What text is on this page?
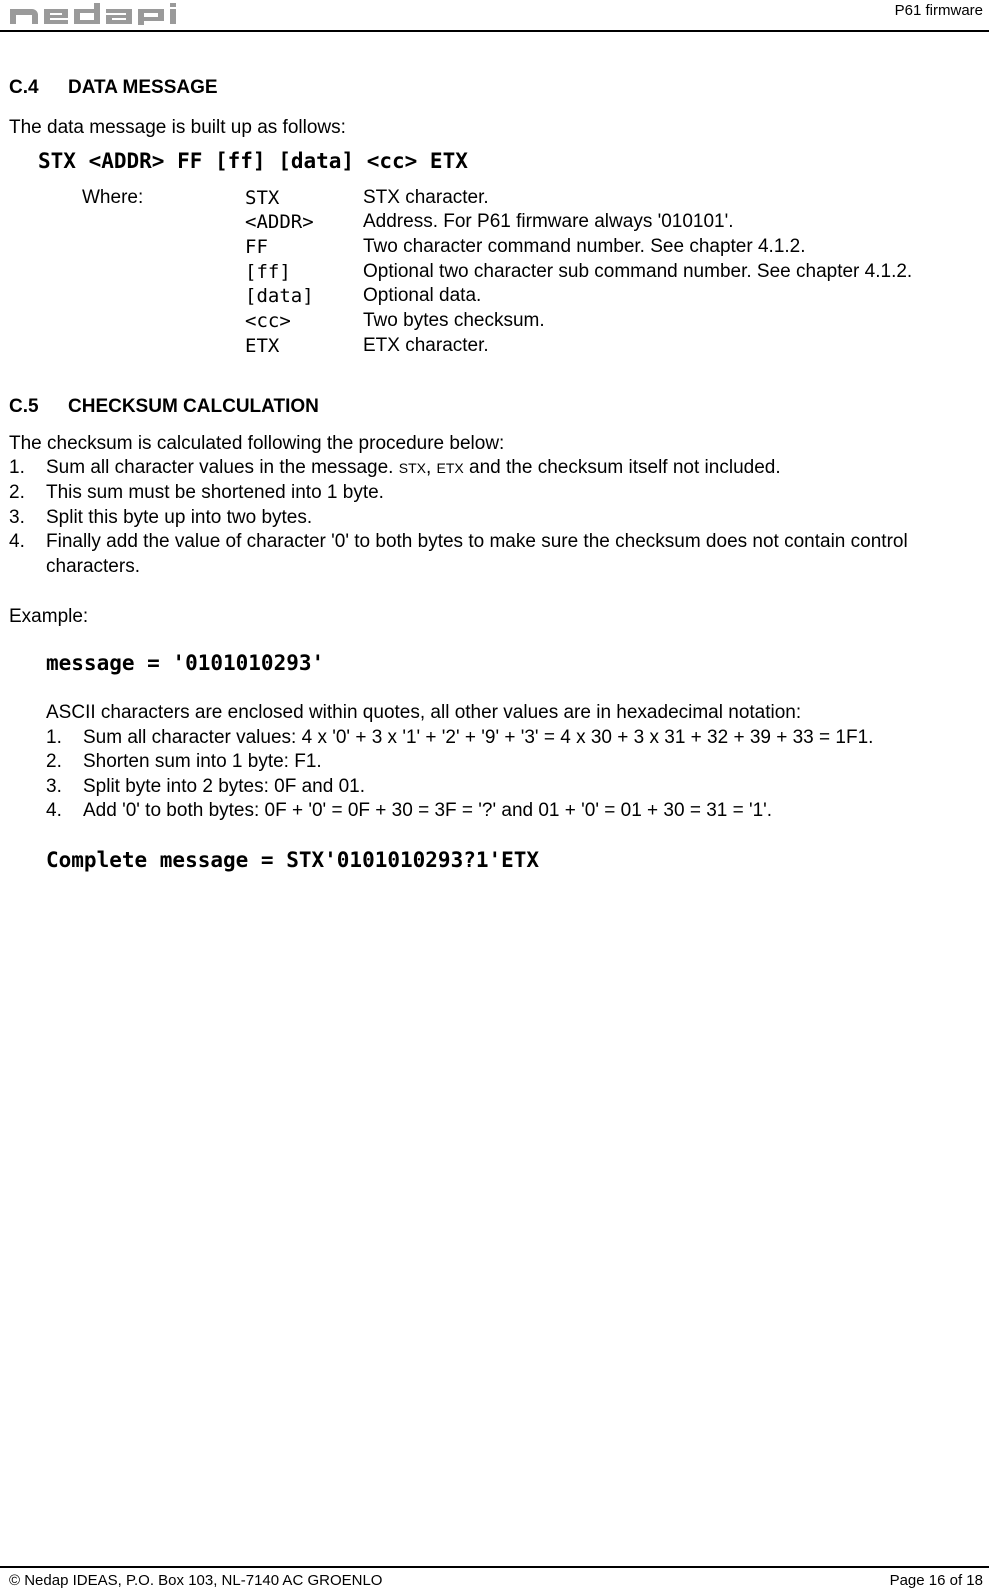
P61 firmware
C.4 DATA MESSAGE
The data message is built up as follows:
STX <ADDR> FF [ff] [data] <cc> ETX
Where:	STX	STX character.
<ADDR>	Address. For P61 firmware always '010101'.
FF	Two character command number. See chapter 4.1.2.
[ff]	Optional two character sub command number. See chapter 4.1.2.
[data]	Optional data.
<cc>	Two bytes checksum.
ETX	ETX character.
C.5 CHECKSUM CALCULATION
The checksum is calculated following the procedure below:
1. Sum all character values in the message. STX, ETX and the checksum itself not included.
2. This sum must be shortened into 1 byte.
3. Split this byte up into two bytes.
4. Finally add the value of character '0' to both bytes to make sure the checksum does not contain control
characters.
Example:
message = '0101010293'
ASCII characters are enclosed within quotes, all other values are in hexadecimal notation:
1. Sum all character values: 4 x '0' + 3 x '1' + '2' + '9' + '3' = 4 x 30 + 3 x 31 + 32 + 39 + 33 = 1F1.
2. Shorten sum into 1 byte: F1.
3. Split byte into 2 bytes: 0F and 01.
4. Add '0' to both bytes: 0F + '0' = 0F + 30 = 3F = '?' and 01 + '0' = 01 + 30 = 31 = '1'.
Complete message = STX'0101010293?1'ETX
© Nedap IDEAS, P.O. Box 103, NL-7140 AC GROENLO	Page 16 of 18
